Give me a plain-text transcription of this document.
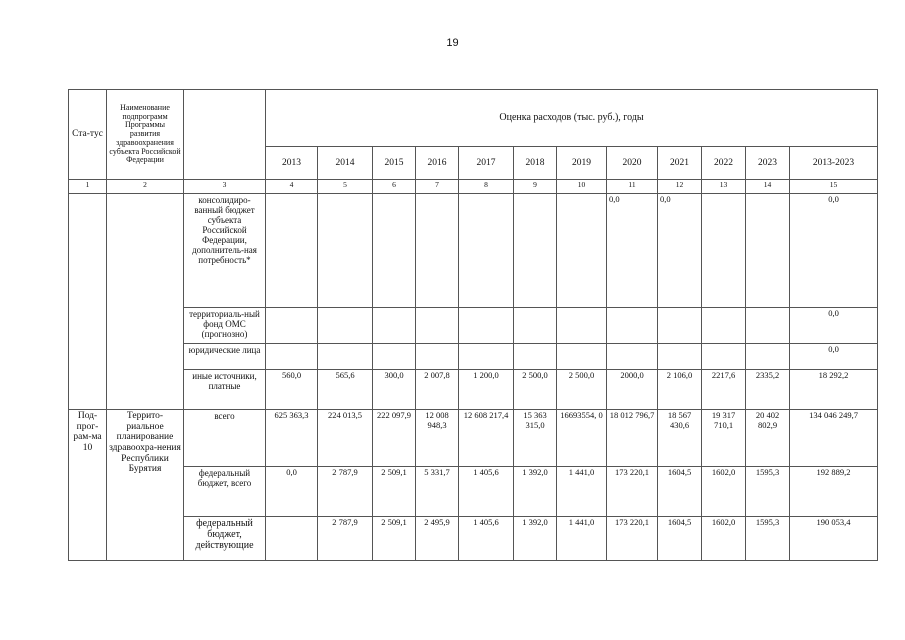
19
Ста-тус	Наименование подпрограмм Программы развития здравоохранения субъекта Российской Федерации		Оценка расходов (тыс. руб.), годы											
			2013	2014	2015	2016	2017	2018	2019	2020	2021	2022	2023	2013-2023
1	2	3	4	5	6	7	8	9	10	11	12	13	14	15
		консолидиро-ванный бюджет субъекта Российской Федерации, дополнитель-ная потребность*								0,0	0,0			0,0
		территориаль-ный фонд ОМС (прогнозно)												0,0
		юридические лица												0,0
		иные источники, платные	560,0	565,6	300,0	2 007,8	1 200,0	2 500,0	2 500,0	2000,0	2 106,0	2217,6	2335,2	18 292,2
Под-прог-рам-ма 10	Террито-риальное планирование здравоохра-нения Республики Бурятия	всего	625 363,3	224 013,5	222 097,9	12 008 948,3	12 608 217,4	15 363 315,0	16693554, 0	18 012 796,7	18 567 430,6	19 317 710,1	20 402 802,9	134 046 249,7
		федеральный бюджет, всего	0,0	2 787,9	2 509,1	5 331,7	1 405,6	1 392,0	1 441,0	173 220,1	1604,5	1602,0	1595,3	192 889,2
		федеральный бюджет, действующие		2 787,9	2 509,1	2 495,9	1 405,6	1 392,0	1 441,0	173 220,1	1604,5	1602,0	1595,3	190 053,4
